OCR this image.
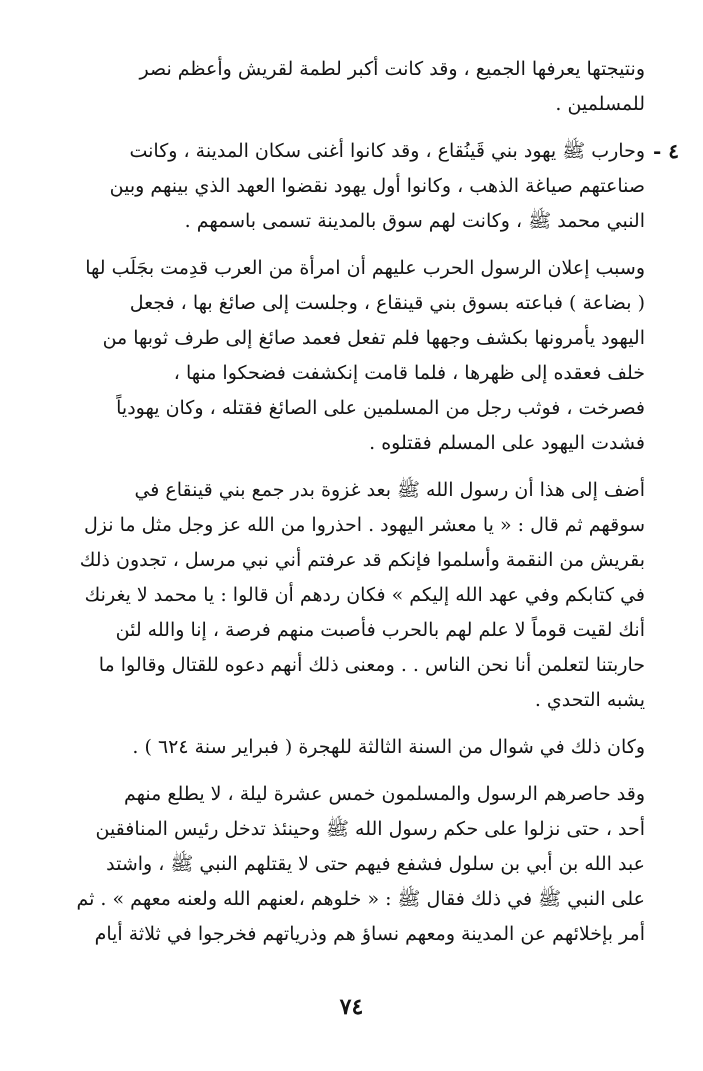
ونتيجتها يعرفها الجميع ، وقد كانت أكبر لطمة لقريش وأعظم نصر
للمسلمين .
٤ -
وحارب ﷺ يهود بني قَينُقاع ، وقد كانوا أغنى سكان المدينة ، وكانت
صناعتهم صياغة الذهب ، وكانوا أول يهود نقضوا العهد الذي بينهم وبين
النبي محمد ﷺ ، وكانت لهم سوق بالمدينة تسمى باسمهم .
وسبب إعلان الرسول الحرب عليهم أن امرأة من العرب قدِمت بجَلَب لها
( بضاعة ) فباعته بسوق بني قينقاع ، وجلست إلى صائغ بها ، فجعل
اليهود يأمرونها بكشف وجهها فلم تفعل فعمد صائغ إلى طرف ثوبها من
خلف فعقده إلى ظهرها ، فلما قامت إنكشفت فضحكوا منها ،
فصرخت ، فوثب رجل من المسلمين على الصائغ فقتله ، وكان يهودياً
فشدت اليهود على المسلم فقتلوه .
أضف إلى هذا أن رسول الله ﷺ بعد غزوة بدر جمع بني قينقاع في
سوقهم ثم قال : « يا معشر اليهود . احذروا من الله عز وجل مثل ما نزل
بقريش من النقمة وأسلموا فإنكم قد عرفتم أني نبي مرسل ، تجدون ذلك
في كتابكم وفي عهد الله إليكم » فكان ردهم أن قالوا : يا محمد لا يغرنك
أنك لقيت قوماً لا علم لهم بالحرب فأصبت منهم فرصة ، إنا والله لئن
حاربتنا لتعلمن أنا نحن الناس . . ومعنى ذلك أنهم دعوه للقتال وقالوا ما
يشبه التحدي .
وكان ذلك في شوال من السنة الثالثة للهجرة ( فبراير سنة ٦٢٤ ) .
وقد حاصرهم الرسول والمسلمون خمس عشرة ليلة ، لا يطلع منهم
أحد ، حتى نزلوا على حكم رسول الله ﷺ وحينئذ تدخل رئيس المنافقين
عبد الله بن أبي بن سلول فشفع فيهم حتى لا يقتلهم النبي ﷺ ، واشتد
على النبي ﷺ في ذلك فقال ﷺ : « خلوهم ،لعنهم الله ولعنه معهم » . ثم
أمر بإخلائهم عن المدينة ومعهم نساؤ هم وذرياتهم فخرجوا في ثلاثة أيام
٧٤
